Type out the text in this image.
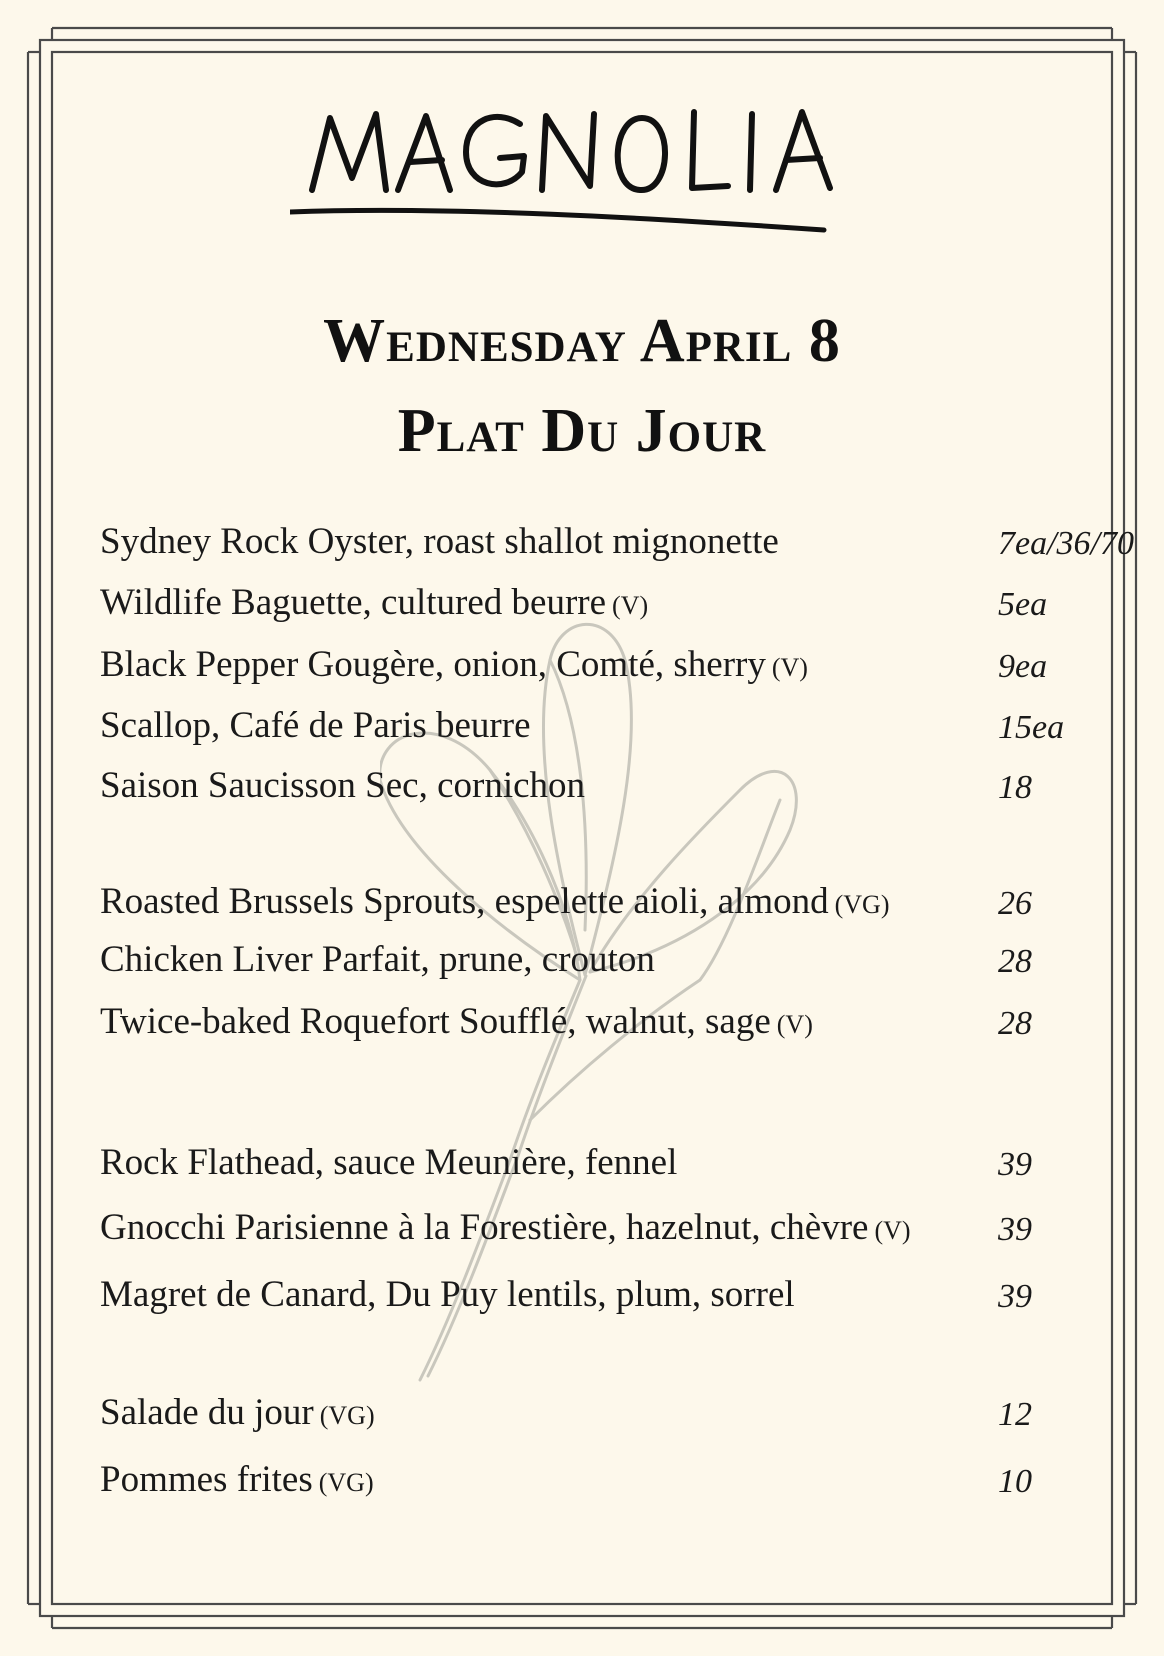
Wednesday April 8
Plat Du Jour
Sydney Rock Oyster, roast shallot mignonette	7ea/36/70
Wildlife Baguette, cultured beurre (V)	5ea
Black Pepper Gougère, onion, Comté, sherry (V)	9ea
Scallop, Café de Paris beurre	15ea
Saison Saucisson Sec, cornichon	18
Roasted Brussels Sprouts, espelette aioli, almond (VG)	26
Chicken Liver Parfait, prune, crouton	28
Twice-baked Roquefort Soufflé, walnut, sage (V)	28
Rock Flathead, sauce Meunière, fennel	39
Gnocchi Parisienne à la Forestière, hazelnut, chèvre (V)	39
Magret de Canard, Du Puy lentils, plum, sorrel	39
Salade du jour (VG)	12
Pommes frites (VG)	10
